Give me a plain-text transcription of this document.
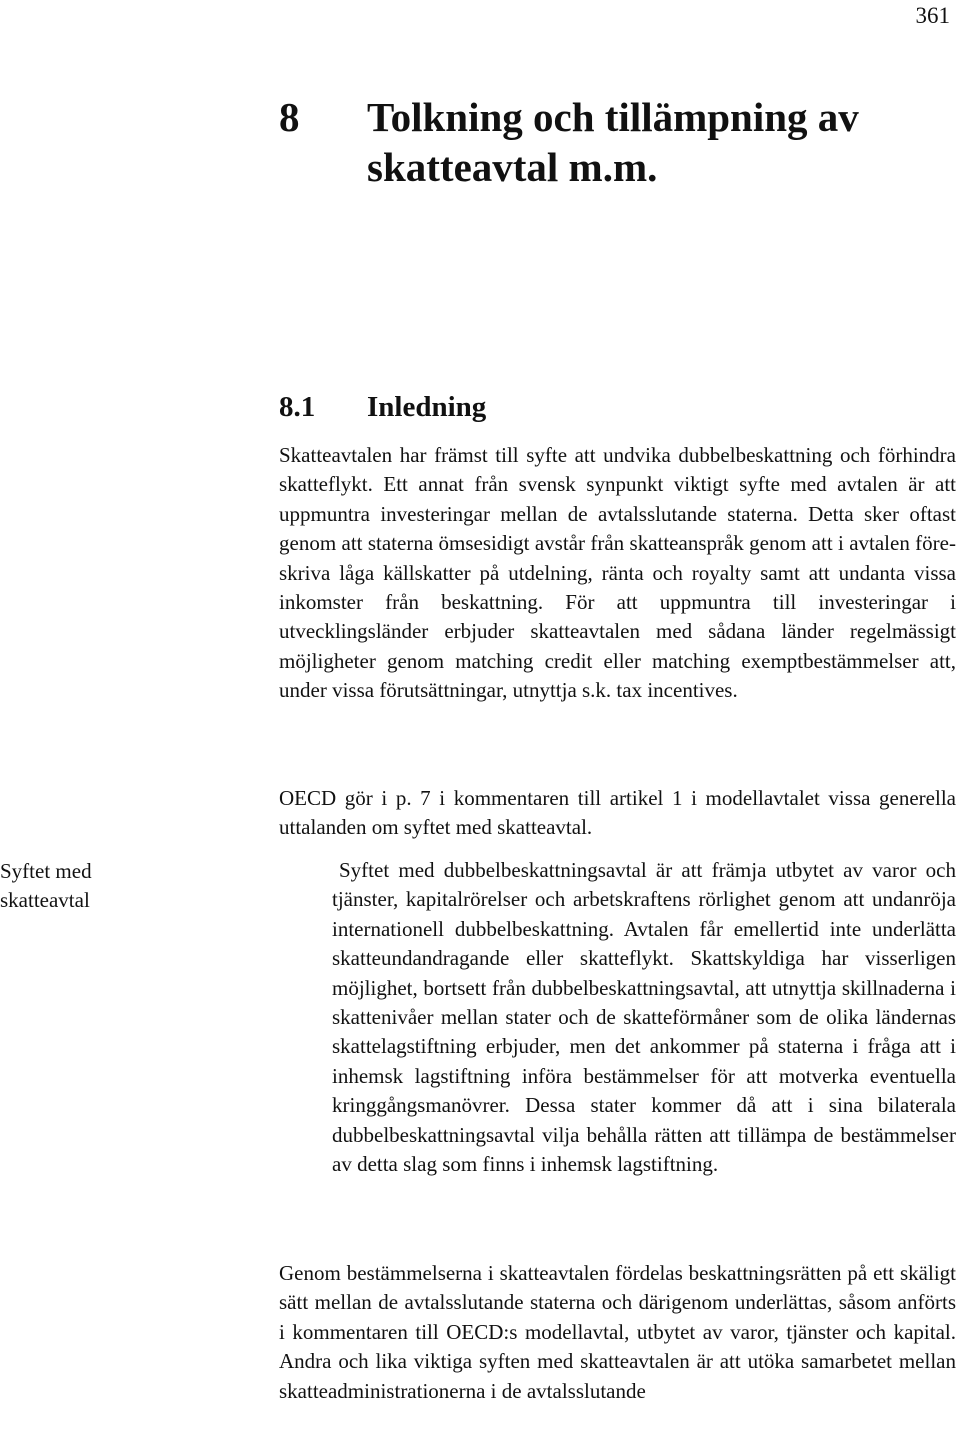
361
8	Tolkning och tillämpning av skatteavtal m.m.
8.1	Inledning

Skatteavtalen har främst till syfte att undvika dubbelbeskattning och förhindra skatteflykt. Ett annat från svensk synpunkt viktigt syfte med avtalen är att uppmuntra investeringar mellan de avtalsslutande staterna. Detta sker oftast genom att staterna ömsesidigt avstår från skatteanspråk genom att i avtalen föreskriva låga källskatter på utdelning, ränta och royalty samt att undanta vissa inkomster från beskattning. För att uppmuntra till investeringar i utvecklingsländer erbjuder skatteavtalen med sådana länder regelmässigt möjligheter genom matching credit eller matching exemptbestämmelser att, under vissa förutsättningar, utnyttja s.k. tax incentives.

OECD gör i p. 7 i kommentaren till artikel 1 i modellavtalet vissa generella uttalanden om syftet med skatteavtal.

Syftet med skatteavtal

Syftet med dubbelbeskattningsavtal är att främja utbytet av varor och tjänster, kapitalrörelser och arbetskraftens rörlighet genom att undanröja internationell dubbelbeskattning. Avtalen får emellertid inte underlätta skatteundandragande eller skatteflykt. Skattskyldiga har visserligen möjlighet, bortsett från dubbelbeskattningsavtal, att utnyttja skillnaderna i skattenivåer mellan stater och de skatteförmåner som de olika ländernas skattelagstiftning erbjuder, men det ankommer på staterna i fråga att i inhemsk lagstiftning införa bestämmelser för att motverka eventuella kringgångsmanövrer. Dessa stater kommer då att i sina bilaterala dubbelbeskattningsavtal vilja behålla rätten att tillämpa de bestämmelser av detta slag som finns i inhemsk lagstiftning.

Genom bestämmelserna i skatteavtalen fördelas beskattningsrätten på ett skäligt sätt mellan de avtalsslutande staterna och därigenom underlättas, såsom anförts i kommentaren till OECD:s modellavtal, utbytet av varor, tjänster och kapital. Andra och lika viktiga syften med skatteavtalen är att utöka samarbetet mellan skatteadministrationerna i de avtalsslutande
